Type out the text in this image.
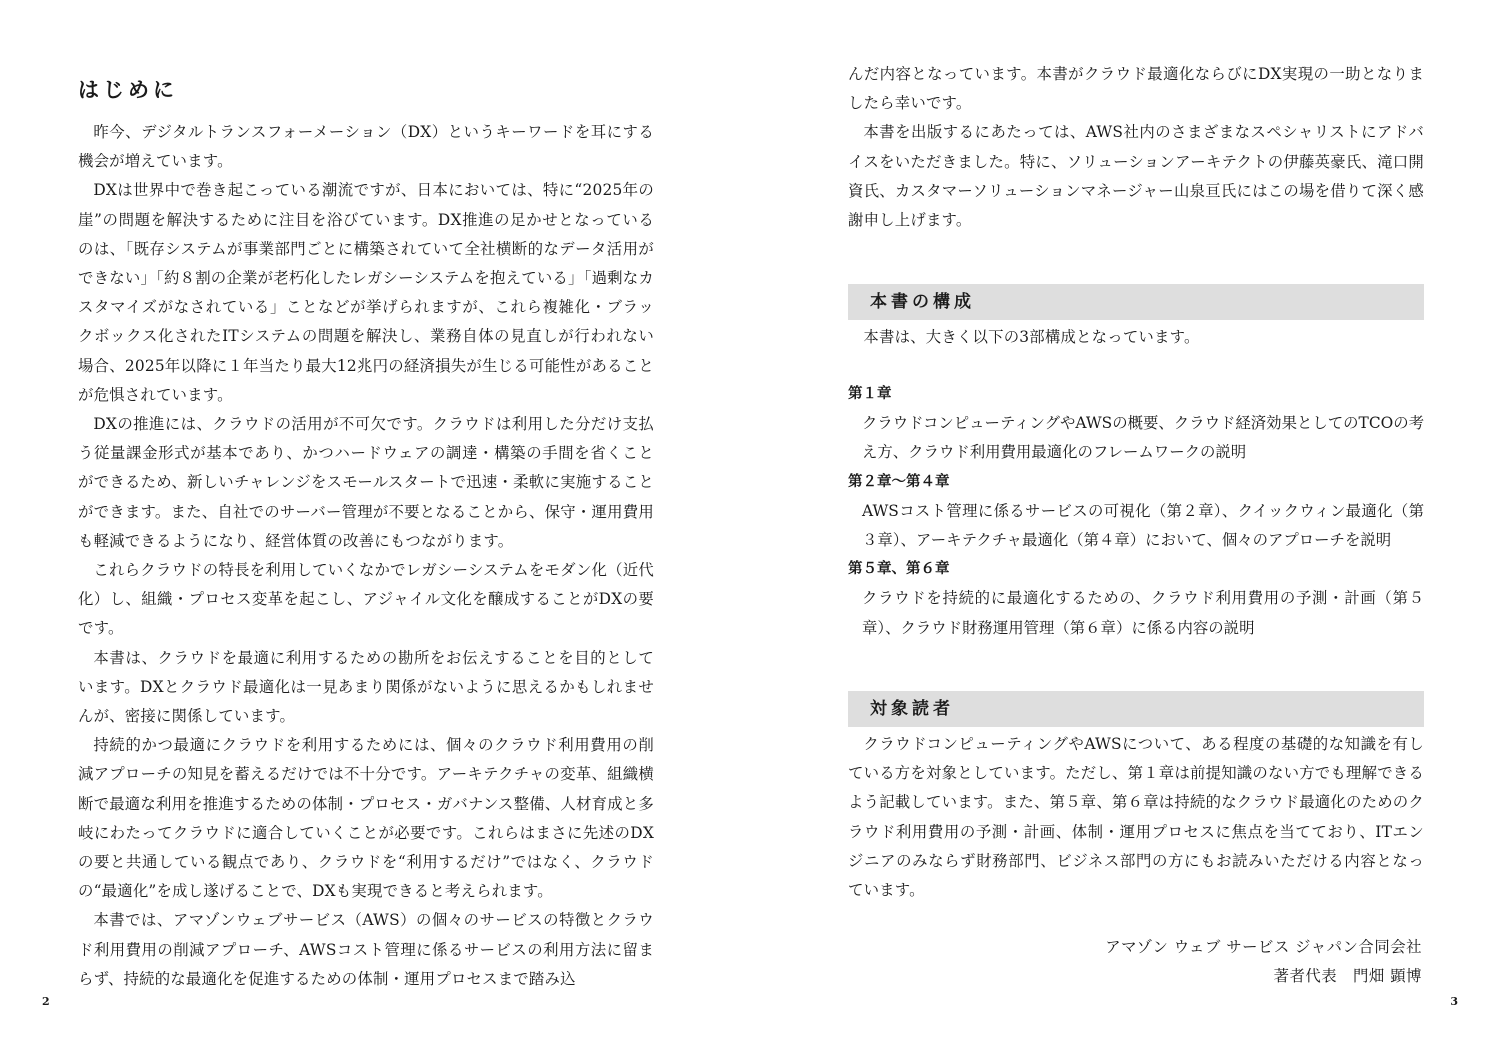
はじめに

昨今、デジタルトランスフォーメーション（DX）というキーワードを耳にする機会が増えています。

DXは世界中で巻き起こっている潮流ですが、日本においては、特に“2025年の崖”の問題を解決するために注目を浴びています。DX推進の足かせとなっているのは、「既存システムが事業部門ごとに構築されていて全社横断的なデータ活用ができない」「約８割の企業が老朽化したレガシーシステムを抱えている」「過剰なカスタマイズがなされている」ことなどが挙げられますが、これら複雑化・ブラックボックス化されたITシステムの問題を解決し、業務自体の見直しが行われない場合、2025年以降に１年当たり最大12兆円の経済損失が生じる可能性があることが危惧されています。

DXの推進には、クラウドの活用が不可欠です。クラウドは利用した分だけ支払う従量課金形式が基本であり、かつハードウェアの調達・構築の手間を省くことができるため、新しいチャレンジをスモールスタートで迅速・柔軟に実施することができます。また、自社でのサーバー管理が不要となることから、保守・運用費用も軽減できるようになり、経営体質の改善にもつながります。

これらクラウドの特長を利用していくなかでレガシーシステムをモダン化（近代化）し、組織・プロセス変革を起こし、アジャイル文化を醸成することがDXの要です。

本書は、クラウドを最適に利用するための勘所をお伝えすることを目的としています。DXとクラウド最適化は一見あまり関係がないように思えるかもしれませんが、密接に関係しています。

持続的かつ最適にクラウドを利用するためには、個々のクラウド利用費用の削減アプローチの知見を蓄えるだけでは不十分です。アーキテクチャの変革、組織横断で最適な利用を推進するための体制・プロセス・ガバナンス整備、人材育成と多岐にわたってクラウドに適合していくことが必要です。これらはまさに先述のDXの要と共通している観点であり、クラウドを“利用するだけ”ではなく、クラウドの“最適化”を成し遂げることで、DXも実現できると考えられます。

本書では、アマゾンウェブサービス（AWS）の個々のサービスの特徴とクラウド利用費用の削減アプローチ、AWSコスト管理に係るサービスの利用方法に留まらず、持続的な最適化を促進するための体制・運用プロセスまで踏み込

2

んだ内容となっています。本書がクラウド最適化ならびにDX実現の一助となりましたら幸いです。

本書を出版するにあたっては、AWS社内のさまざまなスペシャリストにアドバイスをいただきました。特に、ソリューションアーキテクトの伊藤英豪氏、滝口開資氏、カスタマーソリューションマネージャー山泉亘氏にはこの場を借りて深く感謝申し上げます。

本書の構成

本書は、大きく以下の3部構成となっています。

第１章

クラウドコンピューティングやAWSの概要、クラウド経済効果としてのTCOの考え方、クラウド利用費用最適化のフレームワークの説明

第２章〜第４章

AWSコスト管理に係るサービスの可視化（第２章）、クイックウィン最適化（第３章）、アーキテクチャ最適化（第４章）において、個々のアプローチを説明

第５章、第６章

クラウドを持続的に最適化するための、クラウド利用費用の予測・計画（第５章）、クラウド財務運用管理（第６章）に係る内容の説明

対象読者

クラウドコンピューティングやAWSについて、ある程度の基礎的な知識を有している方を対象としています。ただし、第１章は前提知識のない方でも理解できるよう記載しています。また、第５章、第６章は持続的なクラウド最適化のためのクラウド利用費用の予測・計画、体制・運用プロセスに焦点を当てており、ITエンジニアのみならず財務部門、ビジネス部門の方にもお読みいただける内容となっています。

アマゾン ウェブ サービス ジャパン合同会社
著者代表　門畑 顕博
3
